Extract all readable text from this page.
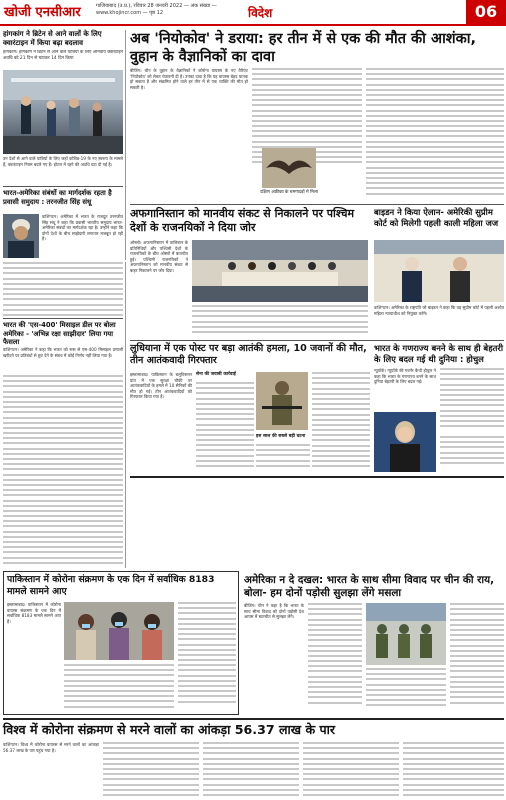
खोजी एनसीआर	गाजियाबाद (उ.प्र.), रविवार 28 जनवरी 2022 — अंक संख्या — www.khojincr.com — पृष्ठ 12	विदेश	06
हांगकांग ने ब्रिटेन से आने वालों के लिए क्वारंटाइन में किया बढ़ा बदलाव
हांगकांग। हांगकांग ने ब्रिटेन से आने वाले यात्रियों के लिए अनिवार्य क्वारंटाइन अवधि को 21 दिन से घटाकर 14 दिन किया
उन देशों से आने वाले यात्रियों के लिए जहाँ कोविड-19 के नए स्वरूप के मामले हैं, क्वारंटाइन नियम बदले गए हैं। होटल में रहने की अवधि घटा दी गई है।
भारत-अमेरिका संबंधों का मार्गदर्शक रहता है प्रवासी समुदाय : तरनजीत सिंह संधू
वाशिंगटन। अमेरिका में भारत के राजदूत तरनजीत सिंह संधू ने कहा कि प्रवासी भारतीय समुदाय भारत-अमेरिका संबंधों का मार्गदर्शक रहा है। उन्होंने कहा कि दोनों देशों के बीच साझेदारी लगातार मजबूत हो रही है।
भारत की 'एस-400' मिसाइल डील पर बोला अमेरिका - 'अभिन्न रक्षा साझीदार' लिया गया फैसला
वाशिंगटन। अमेरिका ने कहा कि भारत को रूस से एस-400 मिसाइल प्रणाली खरीदने पर प्रतिबंधों से छूट देने के संबंध में कोई निर्णय नहीं लिया गया है।
अब 'नियोकोव' ने डराया: हर तीन में से एक की मौत की आशंका, वुहान के वैज्ञानिकों का दावा
बीजिंग। चीन के वुहान के वैज्ञानिकों ने कोरोना वायरस के नए वैरिएंट 'नियोकोव' को लेकर चेतावनी दी है। उनका दावा है कि यह वायरस बेहद घातक हो सकता है और संक्रमित होने वाले हर तीन में से एक व्यक्ति की मौत हो सकती है।
दक्षिण अफ्रीका के चमगादड़ों में मिला
अफगानिस्तान को मानवीय संकट से निकालने पर पश्चिम देशों के राजनयिकों ने दिया जोर
ओस्लो। अफगानिस्तान में तालिबान के प्रतिनिधियों और पश्चिमी देशों के राजनयिकों के बीच ओस्लो में बातचीत हुई। पश्चिमी राजनयिकों ने अफगानिस्तान को मानवीय संकट से बाहर निकालने पर जोर दिया।
बाइडन ने किया ऐलान- अमेरिकी सुप्रीम कोर्ट को मिलेगी पहली काली महिला जज
वाशिंगटन। अमेरिका के राष्ट्रपति जो बाइडन ने कहा कि वह सुप्रीम कोर्ट में पहली अश्वेत महिला न्यायाधीश को नियुक्त करेंगे।
लुधियाना में एक पोस्ट पर बड़ा आतंकी हमला, 10 जवानों की मौत, तीन आतंकवादी गिरफ्तार
इस्लामाबाद। पाकिस्तान के बलूचिस्तान प्रांत में एक सुरक्षा चौकी पर आतंकवादियों के हमले में 10 सैनिकों की मौत हो गई। तीन आतंकवादियों को गिरफ्तार किया गया है।
सेना की जवाबी कार्रवाई
इस साल की सबसे बड़ी घटना
भारत के गणराज्य बनने के साथ ही बेहतरी के लिए बदल गई थी दुनिया : होचुल
न्यूयॉर्क। न्यूयॉर्क की गवर्नर कैथी होचुल ने कहा कि भारत के गणराज्य बनने के साथ दुनिया बेहतरी के लिए बदल गई।
पाकिस्तान में कोरोना संक्रमण के एक दिन में सर्वाधिक 8183 मामले सामने आए
इस्लामाबाद। पाकिस्तान में कोरोना वायरस संक्रमण के एक दिन में सर्वाधिक 8183 मामले सामने आए हैं।
अमेरिका न दे दखल: भारत के साथ सीमा विवाद पर चीन की राय, बोला- हम दोनों पड़ोसी सुलझा लेंगे मसला
बीजिंग। चीन ने कहा है कि भारत के साथ सीमा विवाद को दोनों पड़ोसी देश आपस में बातचीत से सुलझा लेंगे।
विश्व में कोरोना संक्रमण से मरने वालों का आंकड़ा 56.37 लाख के पार
वाशिंगटन। विश्व में कोरोना वायरस से मरने वालों का आंकड़ा 56.37 लाख के पार पहुंच गया है।
